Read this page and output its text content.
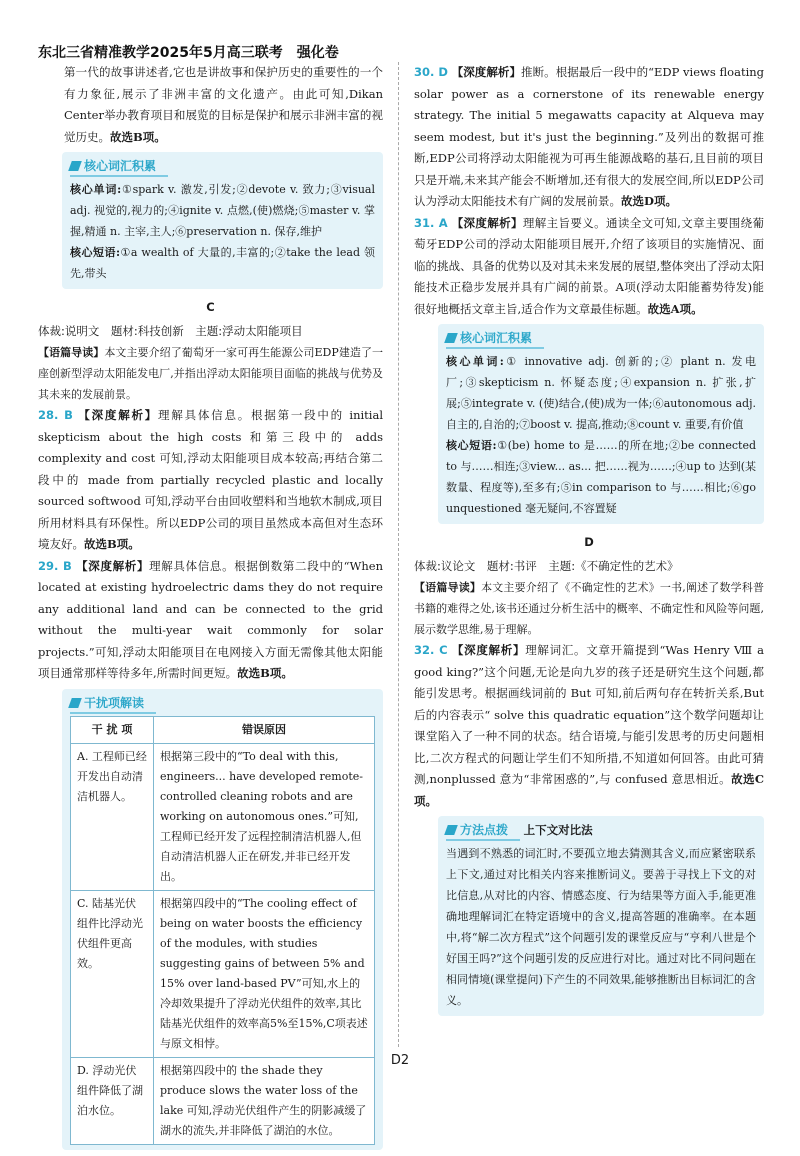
东北三省精准教学2025年5月高三联考　强化卷

第一代的故事讲述者,它也是讲故事和保护历史的重要性的一个有力象征,展示了非洲丰富的文化遗产。由此可知,Dikan Center举办教育项目和展览的目标是保护和展示非洲丰富的视觉历史。故选B项。

核心词汇积累

核心单词:①spark v. 激发,引发;②devote v. 致力;③visual adj. 视觉的,视力的;④ignite v. 点燃,(使)燃烧;⑤master v. 掌握,精通 n. 主宰,主人;⑥preservation n. 保存,维护

核心短语:①a wealth of 大量的,丰富的;②take the lead 领先,带头

C

体裁:说明文　题材:科技创新　主题:浮动太阳能项目

【语篇导读】本文主要介绍了葡萄牙一家可再生能源公司EDP建造了一座创新型浮动太阳能发电厂,并指出浮动太阳能项目面临的挑战与优势及其未来的发展前景。

28. B 【深度解析】理解具体信息。根据第一段中的 initial skepticism about the high costs 和第三段中的 adds complexity and cost 可知,浮动太阳能项目成本较高;再结合第二段中的 made from partially recycled plastic and locally sourced softwood 可知,浮动平台由回收塑料和当地软木制成,项目所用材料具有环保性。所以EDP公司的项目虽然成本高但对生态环境友好。故选B项。

29. B 【深度解析】理解具体信息。根据倒数第二段中的“When located at existing hydroelectric dams they do not require any additional land and can be connected to the grid without the multi-year wait commonly for solar projects.”可知,浮动太阳能项目在电网接入方面无需像其他太阳能项目通常那样等待多年,所需时间更短。故选B项。

干扰项解读
干 扰 项	错误原因
A. 工程师已经开发出自动清洁机器人。	根据第三段中的“To deal with this, engineers... have developed remote-controlled cleaning robots and are working on autonomous ones.”可知,工程师已经开发了远程控制清洁机器人,但自动清洁机器人正在研发,并非已经开发出。
C. 陆基光伏组件比浮动光伏组件更高效。	根据第四段中的“The cooling effect of being on water boosts the efficiency of the modules, with studies suggesting gains of between 5% and 15% over land-based PV”可知,水上的冷却效果提升了浮动光伏组件的效率,其比陆基光伏组件的效率高5%至15%,C项表述与原文相悖。
D. 浮动光伏组件降低了湖泊水位。	根据第四段中的 the shade they produce slows the water loss of the lake 可知,浮动光伏组件产生的阴影减缓了湖水的流失,并非降低了湖泊的水位。

30. D 【深度解析】推断。根据最后一段中的“EDP views floating solar power as a cornerstone of its renewable energy strategy. The initial 5 megawatts capacity at Alqueva may seem modest, but it's just the beginning.”及列出的数据可推断,EDP公司将浮动太阳能视为可再生能源战略的基石,且目前的项目只是开端,未来其产能会不断增加,还有很大的发展空间,所以EDP公司认为浮动太阳能技术有广阔的发展前景。故选D项。

31. A 【深度解析】理解主旨要义。通读全文可知,文章主要围绕葡萄牙EDP公司的浮动太阳能项目展开,介绍了该项目的实施情况、面临的挑战、具备的优势以及对其未来发展的展望,整体突出了浮动太阳能技术正稳步发展并具有广阔的前景。A项(浮动太阳能蓄势待发)能很好地概括文章主旨,适合作为文章最佳标题。故选A项。

核心词汇积累

核心单词:① innovative adj. 创新的;② plant n. 发电厂;③skepticism n. 怀疑态度;④expansion n. 扩张,扩展;⑤integrate v. (使)结合,(使)成为一体;⑥autonomous adj. 自主的,自治的;⑦boost v. 提高,推动;⑧count v. 重要,有价值

核心短语:①(be) home to 是……的所在地;②be connected to 与……相连;③view... as... 把……视为……;④up to 达到(某数量、程度等),至多有;⑤in comparison to 与……相比;⑥go unquestioned 毫无疑问,不容置疑

D

体裁:议论文　题材:书评　主题:《不确定性的艺术》

【语篇导读】本文主要介绍了《不确定性的艺术》一书,阐述了数学科普书籍的难得之处,该书还通过分析生活中的概率、不确定性和风险等问题,展示数学思维,易于理解。

32. C 【深度解析】理解词汇。文章开篇提到“Was Henry Ⅷ a good king?”这个问题,无论是向九岁的孩子还是研究生这个问题,都能引发思考。根据画线词前的 But 可知,前后两句存在转折关系,But后的内容表示“ solve this quadratic equation”这个数学问题却让课堂陷入了一种不同的状态。结合语境,与能引发思考的历史问题相比,二次方程式的问题让学生们不知所措,不知道如何回答。由此可猜测,nonplussed 意为“非常困惑的”,与 confused 意思相近。故选C项。

方法点拨 上下文对比法

当遇到不熟悉的词汇时,不要孤立地去猜测其含义,而应紧密联系上下文,通过对比相关内容来推断词义。要善于寻找上下文的对比信息,从对比的内容、情感态度、行为结果等方面入手,能更准确地理解词汇在特定语境中的含义,提高答题的准确率。在本题中,将“解二次方程式”这个问题引发的课堂反应与“亨利八世是个好国王吗?”这个问题引发的反应进行对比。通过对比不同问题在相同情境(课堂提问)下产生的不同效果,能够推断出目标词汇的含义。

D2
